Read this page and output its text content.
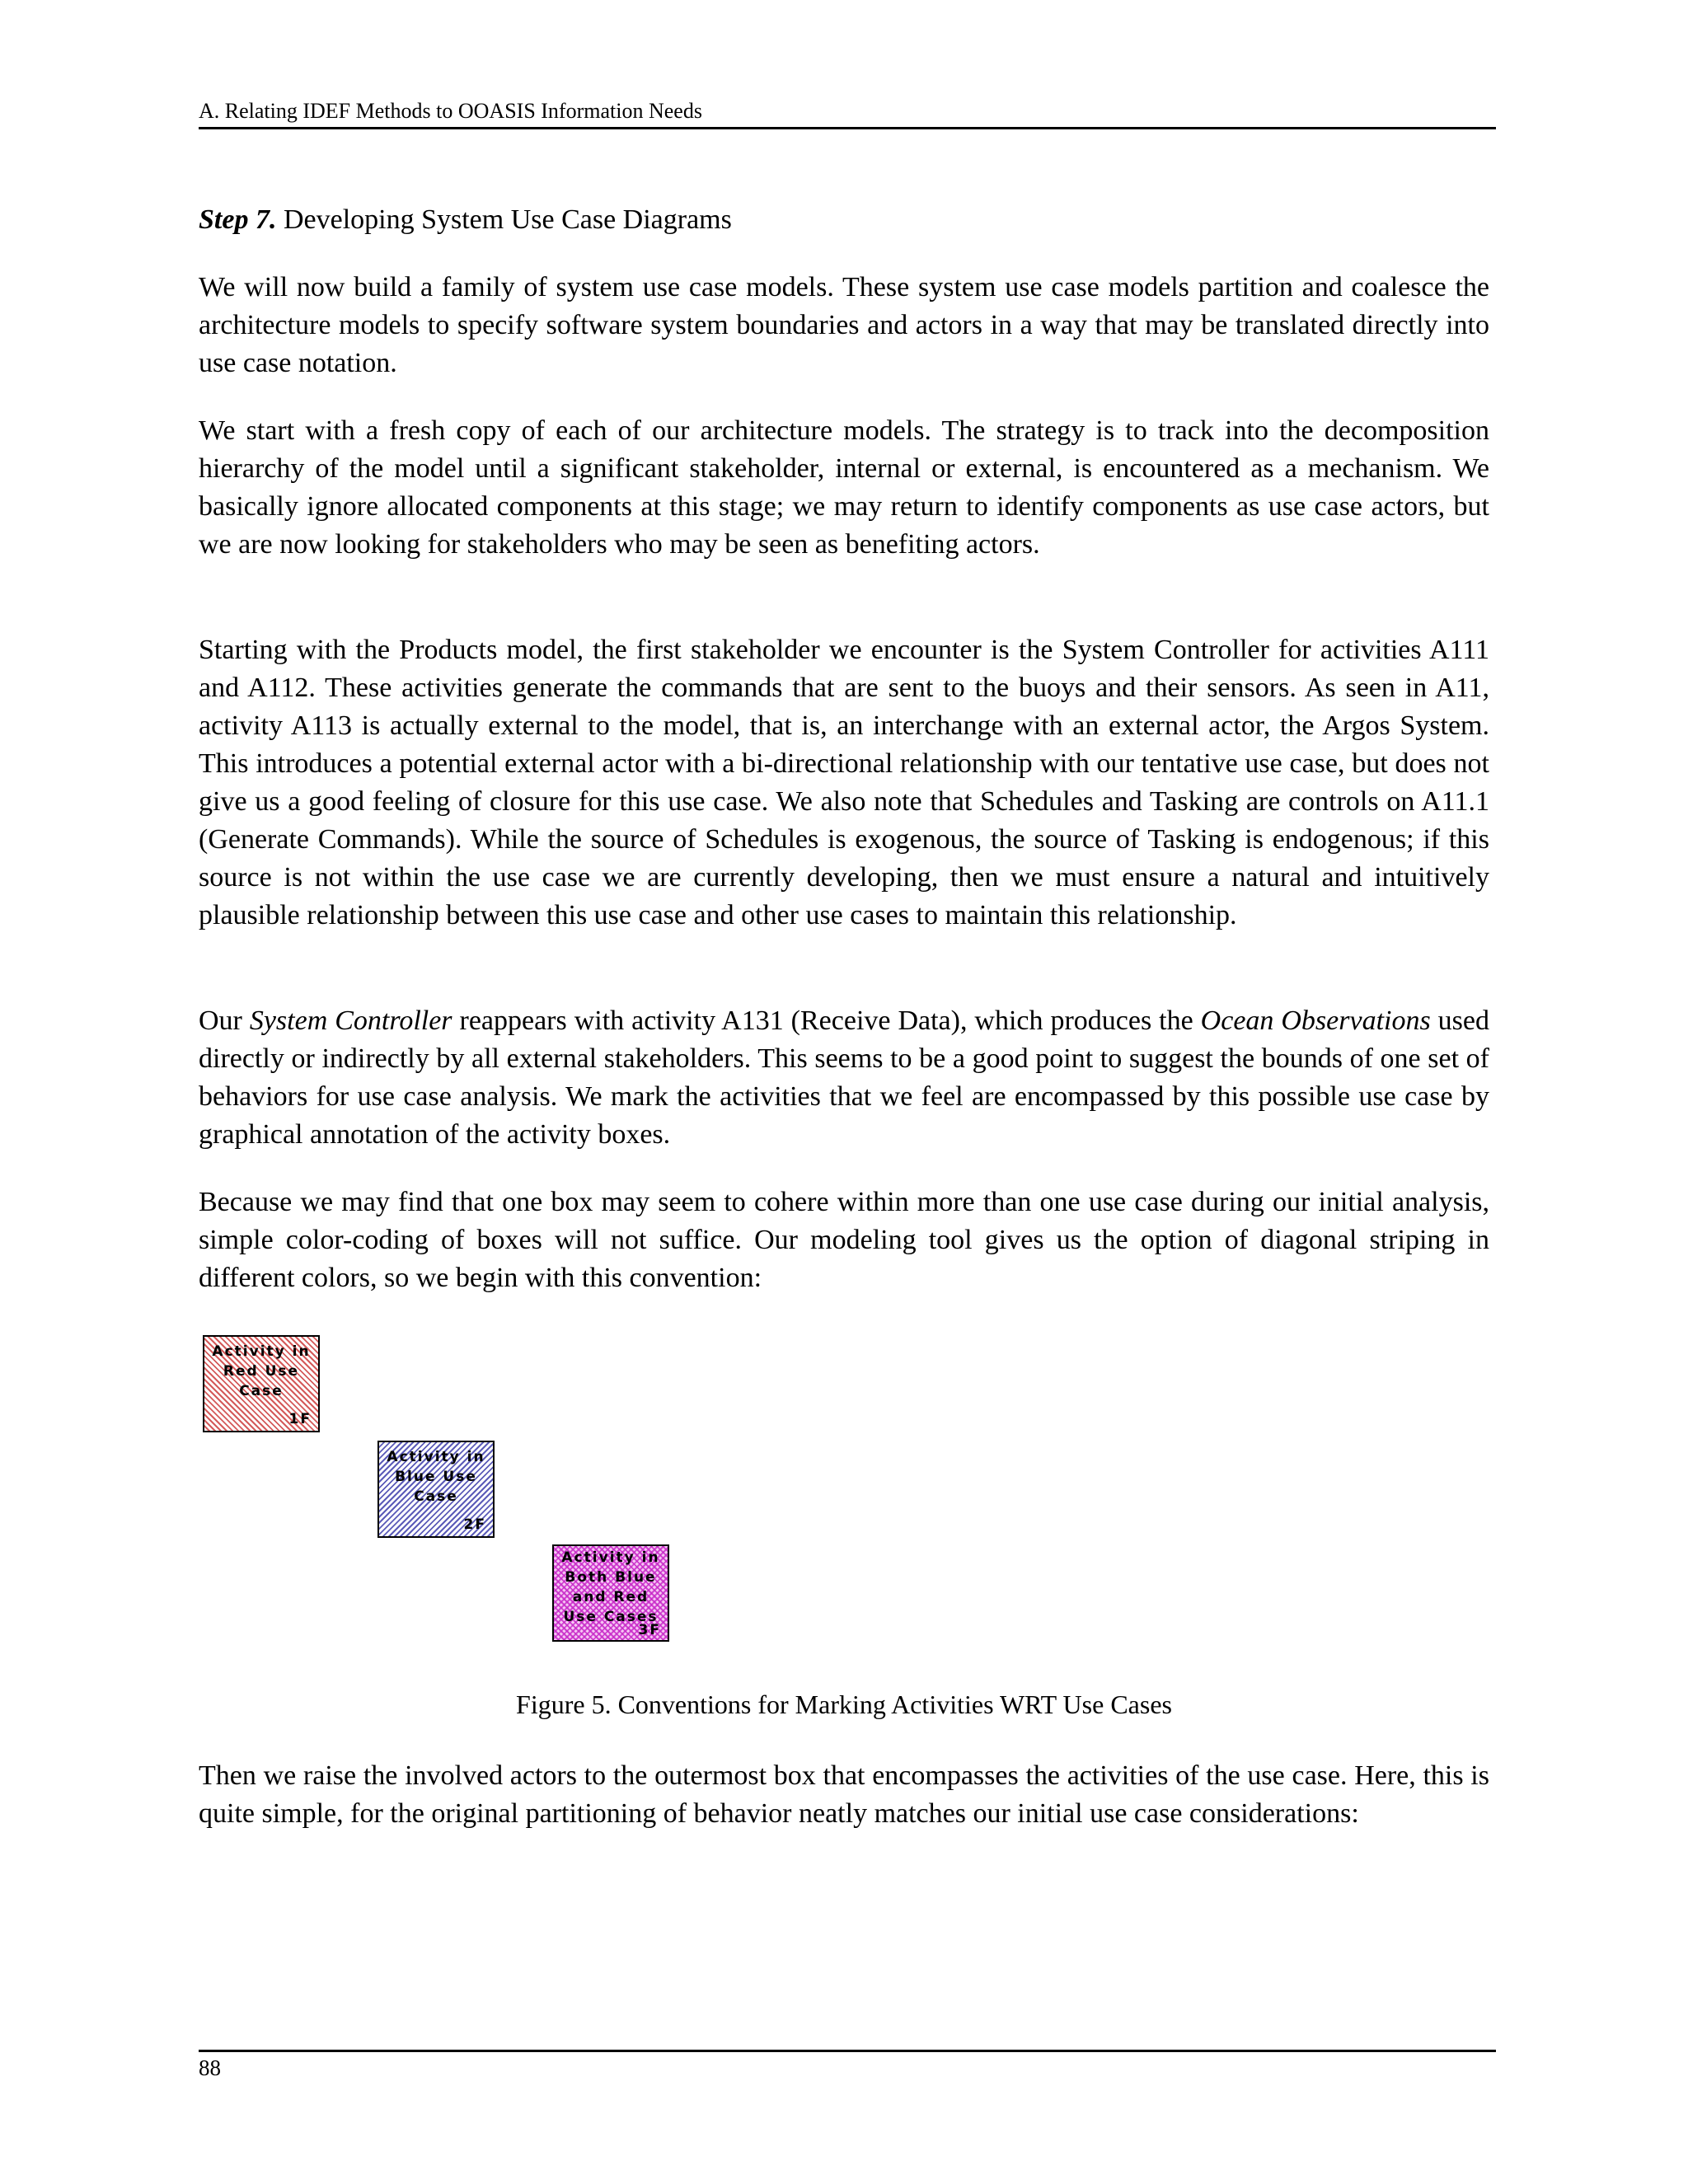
A. Relating IDEF Methods to OOASIS Information Needs
Step 7. Developing System Use Case Diagrams

We will now build a family of system use case models. These system use case models partition and coalesce the architecture models to specify software system boundaries and actors in a way that may be translated directly into use case notation.

We start with a fresh copy of each of our architecture models. The strategy is to track into the decomposition hierarchy of the model until a significant stakeholder, internal or external, is encountered as a mechanism. We basically ignore allocated components at this stage; we may return to identify components as use case actors, but we are now looking for stakeholders who may be seen as benefiting actors.

Starting with the Products model, the first stakeholder we encounter is the System Controller for activities A111 and A112. These activities generate the commands that are sent to the buoys and their sensors. As seen in A11, activity A113 is actually external to the model, that is, an interchange with an external actor, the Argos System. This introduces a potential external actor with a bi-directional relationship with our tentative use case, but does not give us a good feeling of closure for this use case. We also note that Schedules and Tasking are controls on A11.1 (Generate Commands). While the source of Schedules is exogenous, the source of Tasking is endogenous; if this source is not within the use case we are currently developing, then we must ensure a natural and intuitively plausible relationship between this use case and other use cases to maintain this relationship.

Our System Controller reappears with activity A131 (Receive Data), which produces the Ocean Observations used directly or indirectly by all external stakeholders. This seems to be a good point to suggest the bounds of one set of behaviors for use case analysis. We mark the activities that we feel are encompassed by this possible use case by graphical annotation of the activity boxes.

Because we may find that one box may seem to cohere within more than one use case during our initial analysis, simple color-coding of boxes will not suffice. Our modeling tool gives us the option of diagonal striping in different colors, so we begin with this convention:

Activity in
Red Use
Case
1F
Activity in
Blue Use
Case
2F
Activity in
Both Blue
and Red
Use Cases
3F
Figure 5. Conventions for Marking Activities WRT Use Cases

Then we raise the involved actors to the outermost box that encompasses the activities of the use case. Here, this is quite simple, for the original partitioning of behavior neatly matches our initial use case considerations:

88
